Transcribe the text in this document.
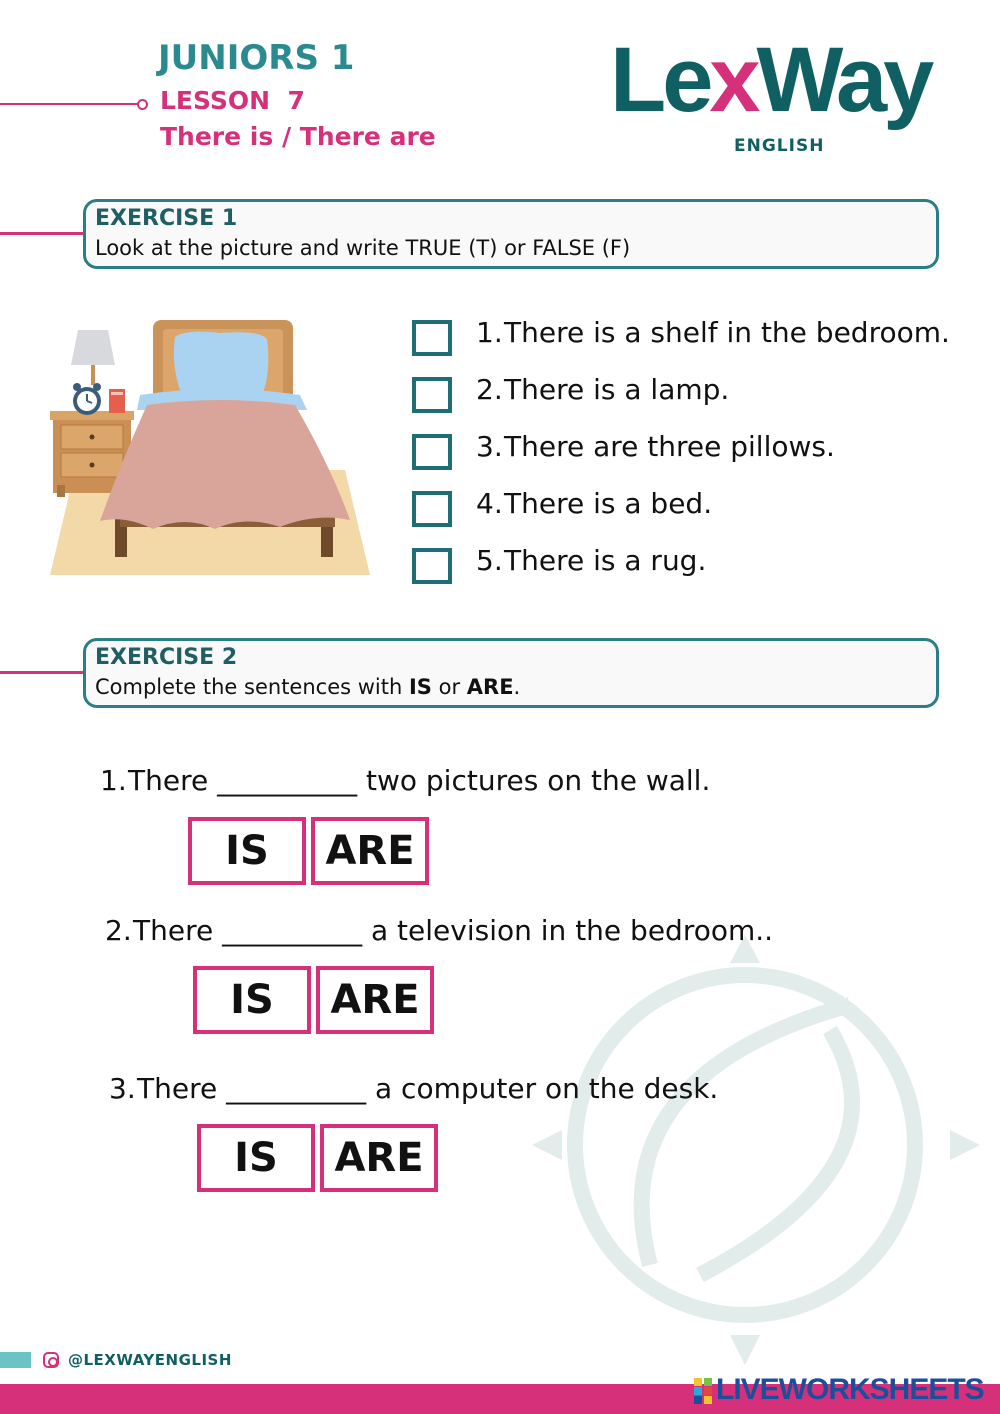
JUNIORS 1
LESSON  7
There is / There are
LexWay
ENGLISH
EXERCISE 1
Look at the picture and write TRUE (T) or FALSE (F)
1. There is a shelf in the bedroom.
2. There is a lamp.
3. There are three pillows.
4. There is a bed.
5. There is a rug.
EXERCISE 2
Complete the sentences with IS or ARE.
1.There __________ two pictures on the wall.
IS	ARE
2.There __________ a television in the bedroom..
IS	ARE
3.There __________ a computer on the desk.
IS	ARE
@LEXWAYENGLISH
LIVEWORKSHEETS
